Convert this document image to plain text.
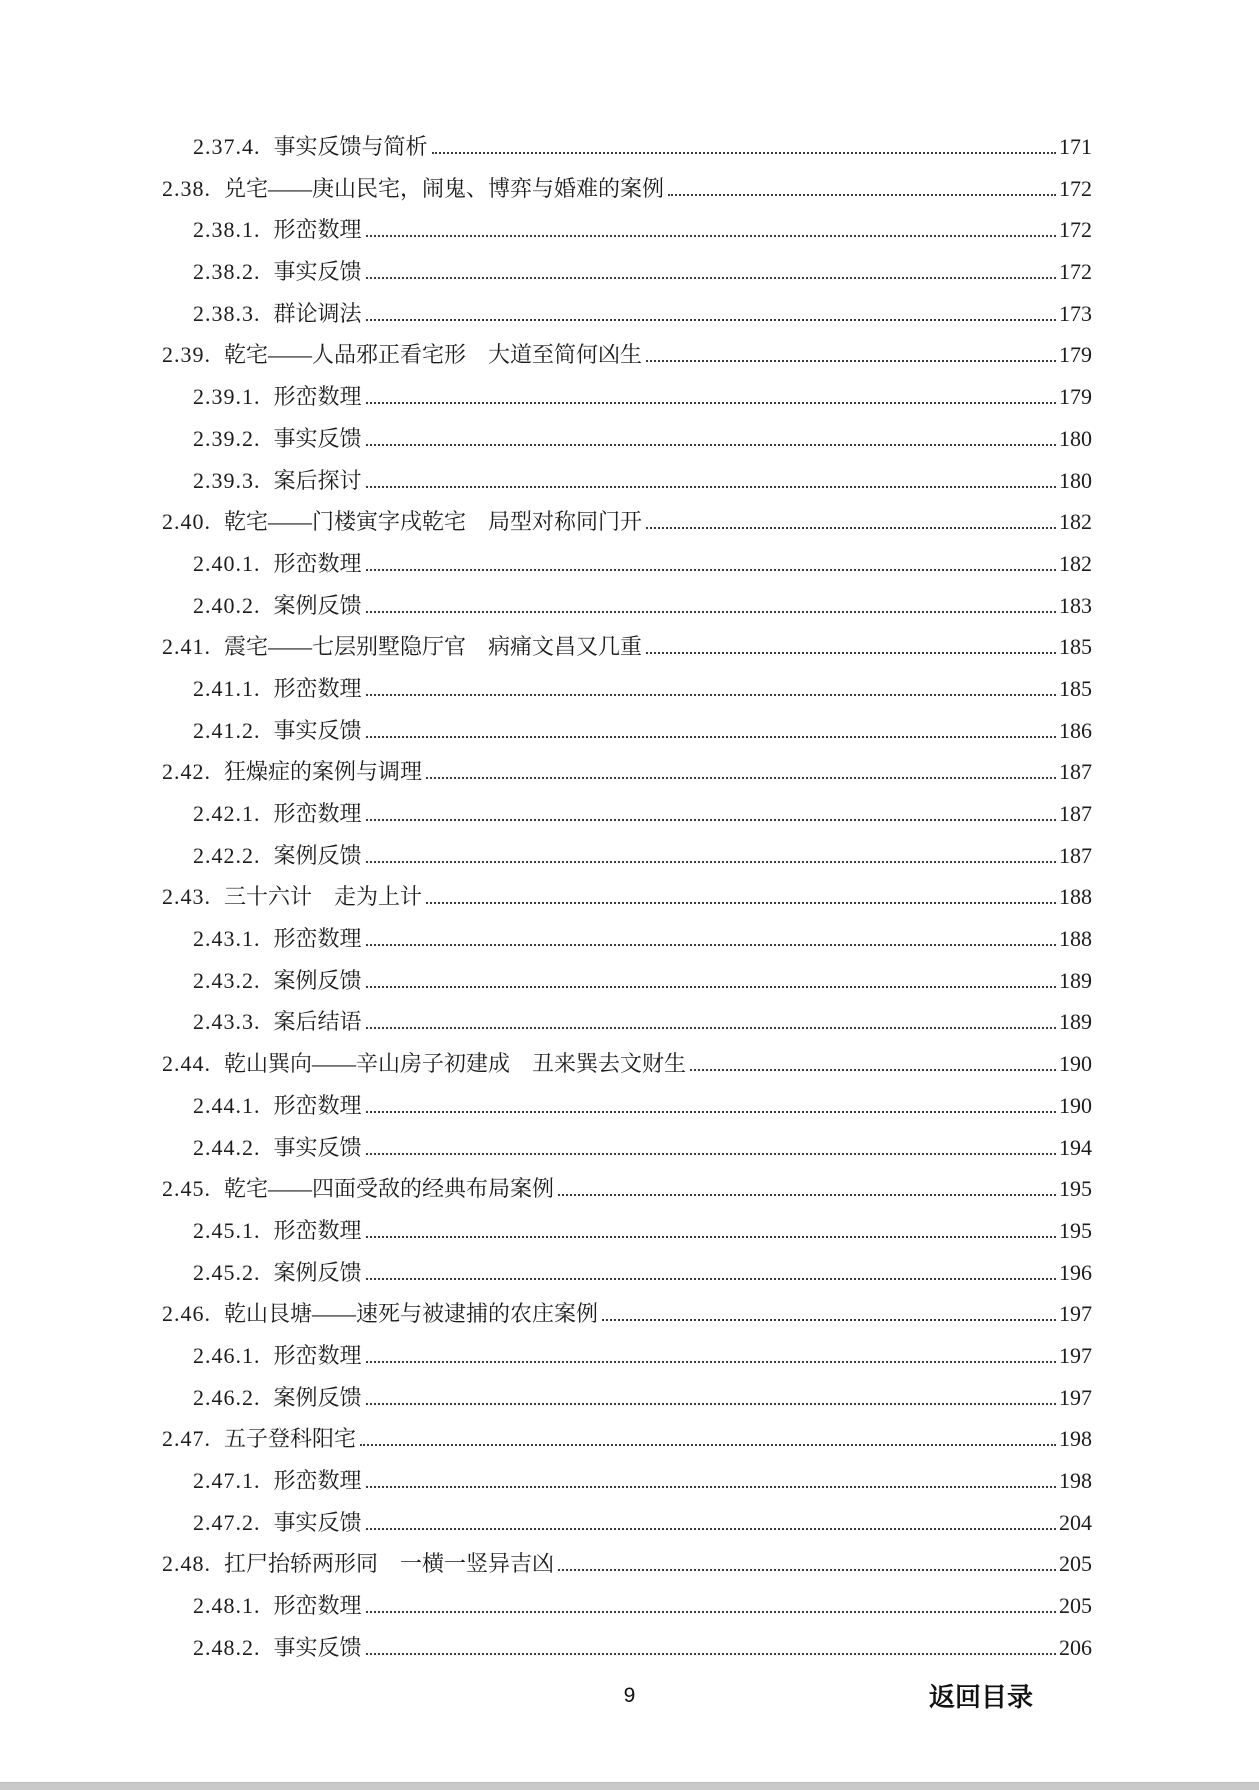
2.37.4. 事实反馈与简析	171
2.38. 兑宅——庚山民宅，闹鬼、博弈与婚难的案例	172
2.38.1. 形峦数理	172
2.38.2. 事实反馈	172
2.38.3. 群论调法	173
2.39. 乾宅——人品邪正看宅形　大道至简何凶生	179
2.39.1. 形峦数理	179
2.39.2. 事实反馈	180
2.39.3. 案后探讨	180
2.40. 乾宅——门楼寅字戌乾宅　局型对称同门开	182
2.40.1. 形峦数理	182
2.40.2. 案例反馈	183
2.41. 震宅——七层别墅隐厅官　病痛文昌又几重	185
2.41.1. 形峦数理	185
2.41.2. 事实反馈	186
2.42. 狂燥症的案例与调理	187
2.42.1. 形峦数理	187
2.42.2. 案例反馈	187
2.43. 三十六计　走为上计	188
2.43.1. 形峦数理	188
2.43.2. 案例反馈	189
2.43.3. 案后结语	189
2.44. 乾山巽向——辛山房子初建成　丑来巽去文财生	190
2.44.1. 形峦数理	190
2.44.2. 事实反馈	194
2.45. 乾宅——四面受敌的经典布局案例	195
2.45.1. 形峦数理	195
2.45.2. 案例反馈	196
2.46. 乾山艮塘——速死与被逮捕的农庄案例	197
2.46.1. 形峦数理	197
2.46.2. 案例反馈	197
2.47. 五子登科阳宅	198
2.47.1. 形峦数理	198
2.47.2. 事实反馈	204
2.48. 扛尸抬轿两形同　一横一竖异吉凶	205
2.48.1. 形峦数理	205
2.48.2. 事实反馈	206
9	返回目录
